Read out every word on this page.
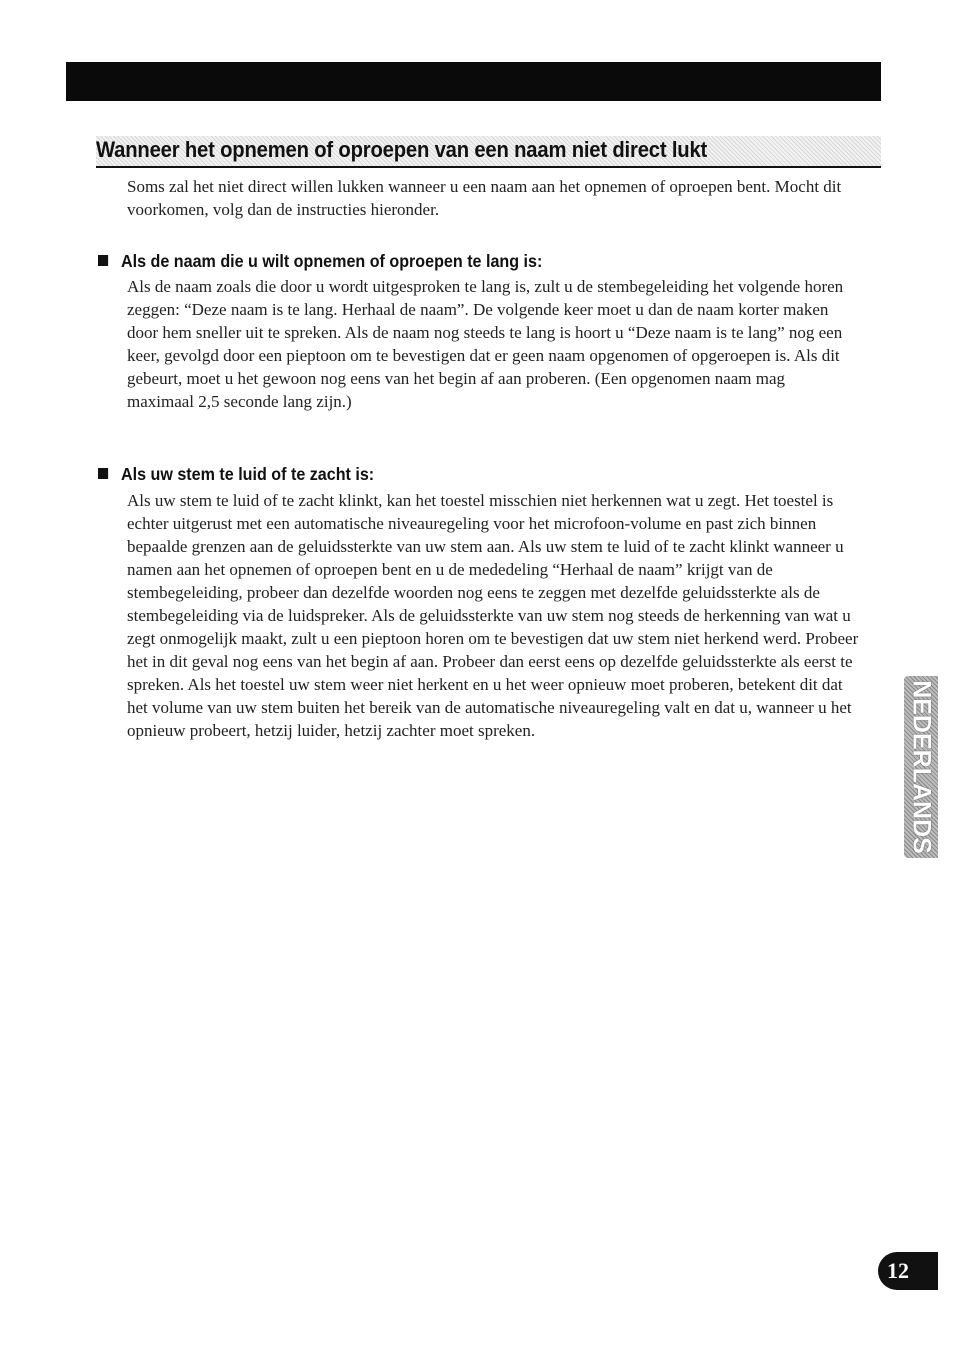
Wanneer het opnemen of oproepen van een naam niet direct lukt

Soms zal het niet direct willen lukken wanneer u een naam aan het opnemen of oproepen bent. Mocht dit voorkomen, volg dan de instructies hieronder.

Als de naam die u wilt opnemen of oproepen te lang is:

Als de naam zoals die door u wordt uitgesproken te lang is, zult u de stembegeleiding het volgende horen zeggen: “Deze naam is te lang. Herhaal de naam”. De volgende keer moet u dan de naam korter maken door hem sneller uit te spreken. Als de naam nog steeds te lang is hoort u “Deze naam is te lang” nog een keer, gevolgd door een pieptoon om te bevestigen dat er geen naam opgenomen of opgeroepen is. Als dit gebeurt, moet u het gewoon nog eens van het begin af aan proberen. (Een opgenomen naam mag maximaal 2,5 seconde lang zijn.)

Als uw stem te luid of te zacht is:

Als uw stem te luid of te zacht klinkt, kan het toestel misschien niet herkennen wat u zegt. Het toestel is echter uitgerust met een automatische niveauregeling voor het microfoon-volume en past zich binnen bepaalde grenzen aan de geluidssterkte van uw stem aan. Als uw stem te luid of te zacht klinkt wanneer u namen aan het opnemen of oproepen bent en u de mededeling “Herhaal de naam” krijgt van de stembegeleiding, probeer dan dezelfde woorden nog eens te zeggen met dezelfde geluidssterkte als de stembegeleiding via de luidspreker. Als de geluidssterkte van uw stem nog steeds de herkenning van wat u zegt onmogelijk maakt, zult u een pieptoon horen om te bevestigen dat uw stem niet herkend werd. Probeer het in dit geval nog eens van het begin af aan. Probeer dan eerst eens op dezelfde geluidssterkte als eerst te spreken. Als het toestel uw stem weer niet herkent en u het weer opnieuw moet proberen, betekent dit dat het volume van uw stem buiten het bereik van de automatische niveauregeling valt en dat u, wanneer u het opnieuw probeert, hetzij luider, hetzij zachter moet spreken.	NEDERLANDS
12
